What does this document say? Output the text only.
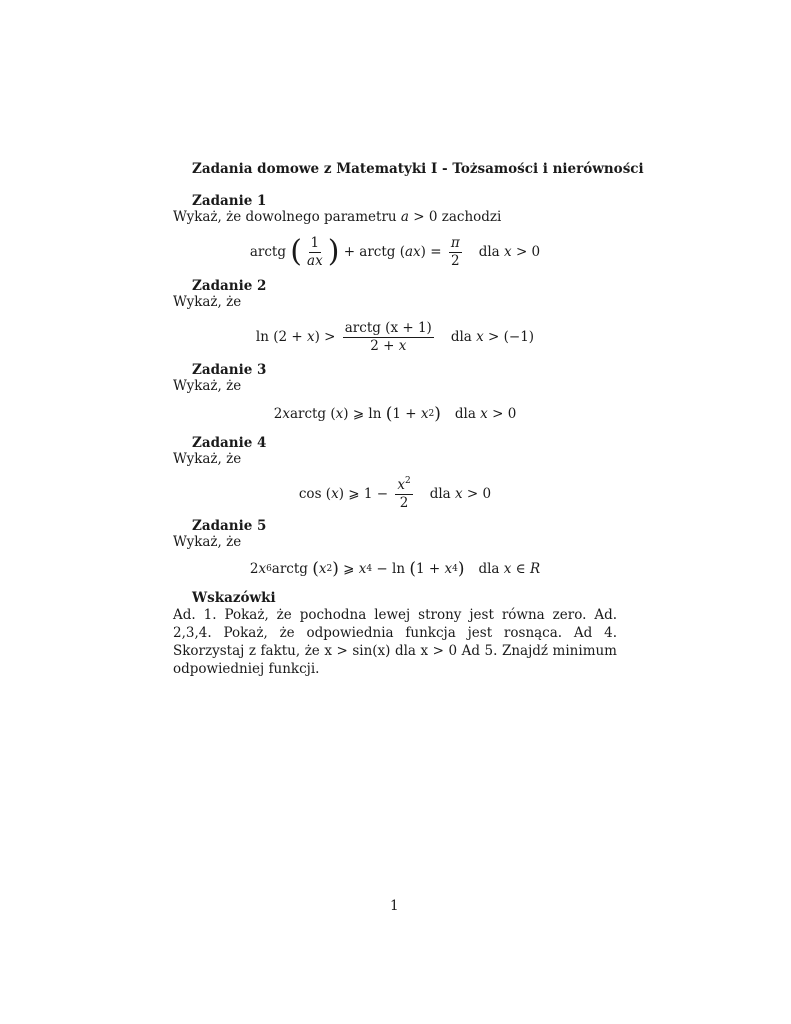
Zadania domowe z Matematyki I - Tożsamości i nierówności
Zadanie 1
Wykaż, że dowolnego parametru a > 0 zachodzi
arctg
( $\frac{1}{ax}$ ) + arctg ( ax ) = $\frac{\pi}{2}$ dla x > 0
Zadanie 2
Wykaż, że
ln (2 + x ) > $\frac{\text{arctg (x + 1)}}{2 + x}$ dla x > (−1)
Zadanie 3
Wykaż, że
2 x arctg ( x ) ⩾ ln ( 1 + x 2 ) dla x > 0
Zadanie 4
Wykaż, że
cos ( x ) ⩾ $1 - \frac{x^2}{2}$ dla x > 0
Zadanie 5
Wykaż, że
2 x 6 arctg ( x 2 ) ⩾ x 4 − ln ( 1 + x 4 ) dla x ∈ R
Wskazówki
Ad. 1. Pokaż, że pochodna lewej strony jest równa zero. Ad. 2,3,4. Pokaż, że odpowiednia funkcja jest rosnąca. Ad 4. Skorzystaj z faktu, że x > sin(x) dla x > 0 Ad 5. Znajdź minimum odpowiedniej funkcji.
1
